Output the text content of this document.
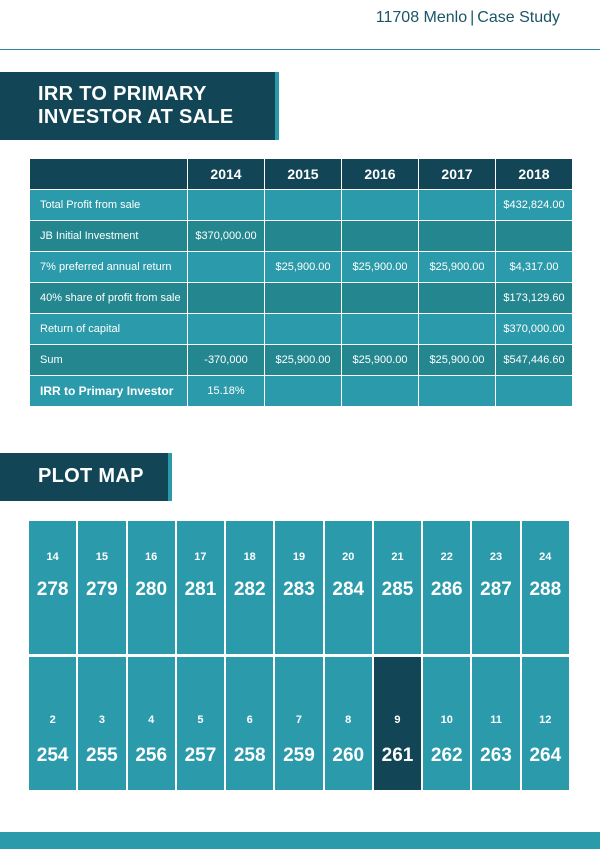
11708 Menlo | Case Study
IRR TO PRIMARY
INVESTOR AT SALE
	2014	2015	2016	2017	2018
Total Profit from sale					$432,824.00
JB Initial Investment	$370,000.00				
7% preferred annual return		$25,900.00	$25,900.00	$25,900.00	$4,317.00
40% share of profit from sale					$173,129.60
Return of capital					$370,000.00
Sum	-370,000	$25,900.00	$25,900.00	$25,900.00	$547,446.60
IRR to Primary Investor	15.18%				
PLOT MAP
14
278
15
279
16
280
17
281
18
282
19
283
20
284
21
285
22
286
23
287
24
288
2
254
3
255
4
256
5
257
6
258
7
259
8
260
9
261
10
262
11
263
12
264
